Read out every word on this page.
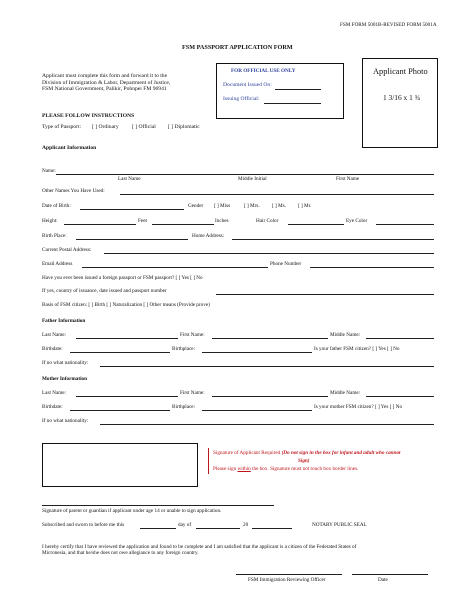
FSM FORM 5001B-REVISED FORM 5001A
FSM PASSPORT APPLICATION FORM
Applicant must complete this form and forward it to the
Division of Immigration & Labor, Department of Justice,
FSM National Government, Palikir, Pohnpei FM 96941
FOR OFFICIAL USE ONLY
Document Issued On:
Issuing Official:
Applicant Photo
1 3/16 x 1 ¾
PLEASE FOLLOW INSTRUCTIONS
Type of Passport: [ ] Ordinary [ ] Official [ ] Diplomatic
Applicant Information
Name:
Last Name	Middle Initial	First Name
Other Names You Have Used:
Date of Birth:	Gender [ ] Miss	[ ] Mrs. [ ] Ms. [ ] Mr.
Height:	Feet	Inches	Hair Color	Eye Color
Birth Place:	Home Address:
Current Postal Address:
Email Address	Phone Number
Have you ever been issued a foreign passport or FSM passport? [ ] Yes [ ] No
If yes, country of issuance, date issued and passport number
Basis of FSM citizen: [ ] Birth [ ] Naturalization [ ] Other means (Provide prove)
Father Information
Last Name:	First Name:	Middle Name:
Birthdate:	Birthplace:	Is your father FSM citizen? [ ] Yes [ ] No
If no what nationality:
Mother Information
Last Name:	First Name:	Middle Name:
Birthdate:	Birthplace:	Is your mother FSM citizen? [ ] Yes [ ] No
If no what nationality:
Signature of Applicant Required (Do not sign in the box for infant and adult who cannot
Sign)
Please sign within the box. Signature must not touch box border lines.
Signature of parent or guardian if applicant under age 14 or unable to sign application.
Subscribed and sworn to before me this	day of	20	NOTARY PUBLIC SEAL
I hereby certify that I have reviewed the application and found to be complete and I am satisfied that the applicant is a citizen of the Federated States of
Micronesia, and that he/she does not owe allegiance to any foreign country.
FSM Immigration Reviewing Officer	Date
